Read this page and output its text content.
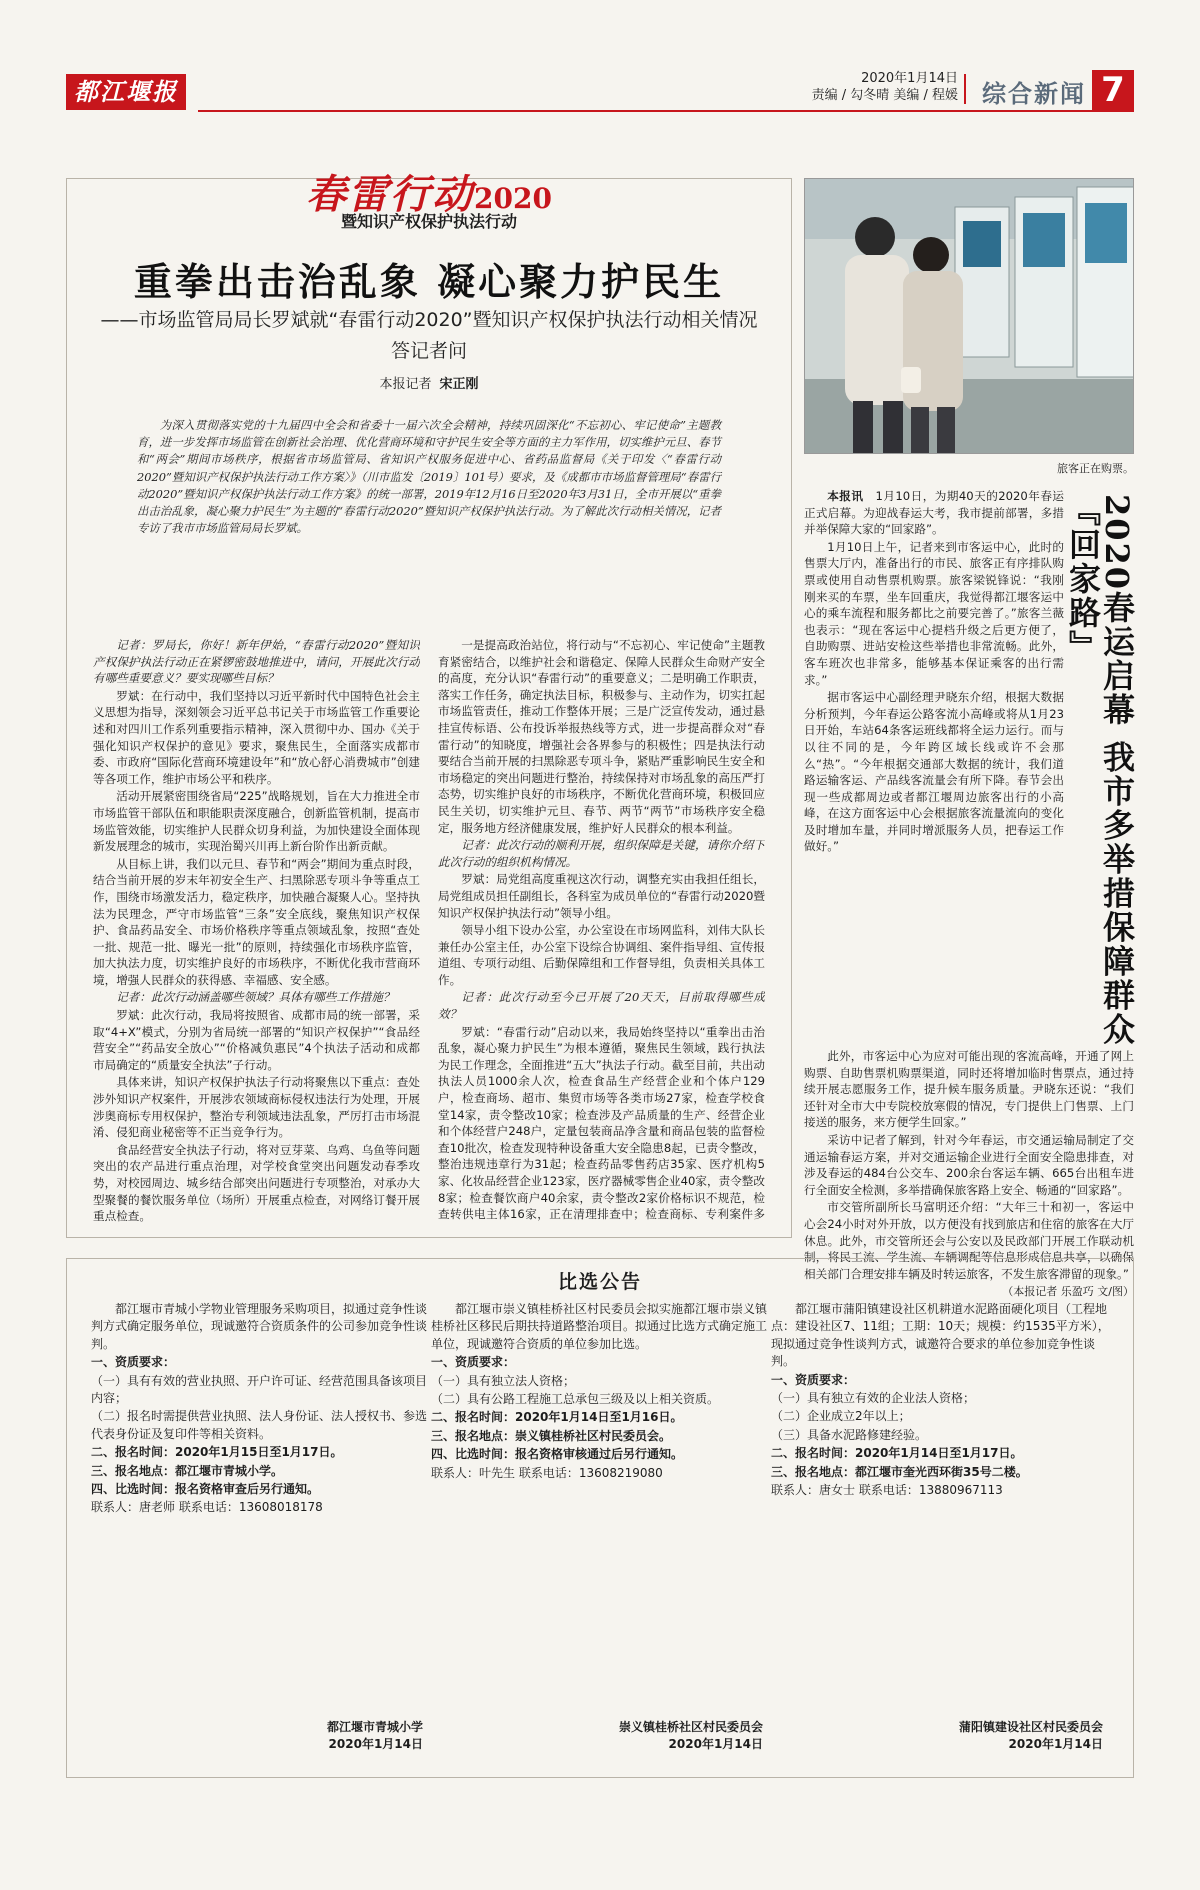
都江堰报	2020年1月14日
责编 / 勾冬晴 美编 / 程媛 综合新闻 7
春雷行动2020
暨知识产权保护执法行动
重拳出击治乱象 凝心聚力护民生
——市场监管局局长罗斌就“春雷行动2020”暨知识产权保护执法行动相关情况答记者问
本报记者 宋正刚
为深入贯彻落实党的十九届四中全会和省委十一届六次全会精神，持续巩固深化“不忘初心、牢记使命”主题教育，进一步发挥市场监管在创新社会治理、优化营商环境和守护民生安全等方面的主力军作用，切实维护元旦、春节和“两会”期间市场秩序，根据省市场监管局、省知识产权服务促进中心、省药品监督局《关于印发〈“春雷行动2020”暨知识产权保护执法行动工作方案〉》（川市监发〔2019〕101号）要求，及《成都市市场监督管理局“春雷行动2020”暨知识产权保护执法行动工作方案》的统一部署，2019年12月16日至2020年3月31日，全市开展以“重拳出击治乱象，凝心聚力护民生”为主题的“春雷行动2020”暨知识产权保护执法行动。为了解此次行动相关情况，记者专访了我市市场监管局局长罗斌。

记者：罗局长，你好！新年伊始，“春雷行动2020”暨知识产权保护执法行动正在紧锣密鼓地推进中，请问，开展此次行动有哪些重要意义？要实现哪些目标？

罗斌：在行动中，我们坚持以习近平新时代中国特色社会主义思想为指导，深刻领会习近平总书记关于市场监管工作重要论述和对四川工作系列重要指示精神，深入贯彻中办、国办《关于强化知识产权保护的意见》要求，聚焦民生，全面落实成都市委、市政府“国际化营商环境建设年”和“放心舒心消费城市”创建等各项工作，维护市场公平和秩序。

活动开展紧密围绕省局“225”战略规划，旨在大力推进全市市场监管干部队伍和职能职责深度融合，创新监管机制，提高市场监管效能，切实维护人民群众切身利益，为加快建设全面体现新发展理念的城市，实现治蜀兴川再上新台阶作出新贡献。

从目标上讲，我们以元旦、春节和“两会”期间为重点时段，结合当前开展的岁末年初安全生产、扫黑除恶专项斗争等重点工作，围绕市场激发活力，稳定秩序，加快融合凝聚人心。坚持执法为民理念，严守市场监管“三条”安全底线，聚焦知识产权保护、食品药品安全、市场价格秩序等重点领域乱象，按照“查处一批、规范一批、曝光一批”的原则，持续强化市场秩序监管，加大执法力度，切实维护良好的市场秩序，不断优化我市营商环境，增强人民群众的获得感、幸福感、安全感。

记者：此次行动涵盖哪些领域？具体有哪些工作措施？

罗斌：此次行动，我局将按照省、成都市局的统一部署，采取“4+X”模式，分别为省局统一部署的“知识产权保护”“食品经营安全”“药品安全放心”“价格减负惠民”4个执法子活动和成都市局确定的“质量安全执法”子行动。

具体来讲，知识产权保护执法子行动将聚焦以下重点：查处涉外知识产权案件，开展涉农领域商标侵权违法行为处理，开展涉奥商标专用权保护，整治专利领域违法乱象，严厉打击市场混淆、侵犯商业秘密等不正当竞争行为。

食品经营安全执法子行动，将对豆芽菜、乌鸡、乌鱼等问题突出的农产品进行重点治理，对学校食堂突出问题发动春季攻势，对校园周边、城乡结合部突出问题进行专项整治，对承办大型聚餐的餐饮服务单位（场所）开展重点检查，对网络订餐开展重点检查。

一是提高政治站位，将行动与“不忘初心、牢记使命”主题教育紧密结合，以维护社会和谐稳定、保障人民群众生命财产安全的高度，充分认识“春雷行动”的重要意义；二是明确工作职责，落实工作任务，确定执法目标，积极参与、主动作为，切实扛起市场监管责任，推动工作整体开展；三是广泛宣传发动，通过悬挂宣传标语、公布投诉举报热线等方式，进一步提高群众对“春雷行动”的知晓度，增强社会各界参与的积极性；四是执法行动要结合当前开展的扫黑除恶专项斗争，紧贴严重影响民生安全和市场稳定的突出问题进行整治，持续保持对市场乱象的高压严打态势，切实维护良好的市场秩序，不断优化营商环境，积极回应民生关切，切实维护元旦、春节、两节“两节”市场秩序安全稳定，服务地方经济健康发展，维护好人民群众的根本利益。

记者：此次行动的顺利开展，组织保障是关键，请你介绍下此次行动的组织机构情况。

罗斌：局党组高度重视这次行动，调整充实由我担任组长，局党组成员担任副组长，各科室为成员单位的“春雷行动2020暨知识产权保护执法行动”领导小组。

领导小组下设办公室，办公室设在市场网监科，刘伟大队长兼任办公室主任，办公室下设综合协调组、案件指导组、宣传报道组、专项行动组、后勤保障组和工作督导组，负责相关具体工作。

记者：此次行动至今已开展了20天天，目前取得哪些成效？

罗斌：“春雷行动”启动以来，我局始终坚持以“重拳出击治乱象，凝心聚力护民生”为根本遵循，聚焦民生领域，践行执法为民工作理念，全面推进“五大”执法子行动。截至目前，共出动执法人员1000余人次，检查食品生产经营企业和个体户129户，检查商场、超市、集贸市场等各类市场27家，检查学校食堂14家，责令整改10家；检查涉及产品质量的生产、经营企业和个体经营户248户，定量包装商品净含量和商品包装的监督检查10批次，检查发现特种设备重大安全隐患8起，已责令整改，整治违规违章行为31起；检查药品零售药店35家、医疗机构5家、化妆品经营企业123家，医疗器械零售企业40家，责令整改8家；检查餐饮商户40余家，责令整改2家价格标识不规范，检查转供电主体16家，正在清理排查中；检查商标、专利案件多

旅客正在购票。

本报讯　 1月10日，为期40天的2020年春运正式启幕。为迎战春运大考，我市提前部署，多措并举保障大家的“回家路”。

1月10日上午，记者来到市客运中心，此时的售票大厅内，准备出行的市民、旅客正有序排队购票或使用自动售票机购票。旅客梁锐锋说：“我刚刚来买的车票，坐车回重庆，我觉得都江堰客运中心的乘车流程和服务都比之前要完善了。”旅客兰薇也表示：“现在客运中心提档升级之后更方便了，自助购票、进站安检这些举措也非常流畅。此外，客车班次也非常多，能够基本保证乘客的出行需求。”

据市客运中心副经理尹晓东介绍，根据大数据分析预判，今年春运公路客流小高峰或将从1月23日开始，车站64条客运班线都将全运力运行。而与以往不同的是，今年跨区域长线或许不会那么“热”。“今年根据交通部大数据的统计，我们道路运输客运、产品线客流量会有所下降。春节会出现一些成都周边或者都江堰周边旅客出行的小高峰，在这方面客运中心会根据旅客流量流向的变化及时增加车量，并同时增派服务人员，把春运工作做好。”	2020春运启幕 我市多举措保障群众『回家路』

此外，市客运中心为应对可能出现的客流高峰，开通了网上购票、自助售票机购票渠道，同时还将增加临时售票点，通过持续开展志愿服务工作，提升候车服务质量。尹晓东还说：“我们还针对全市大中专院校放寒假的情况，专门提供上门售票、上门接送的服务，来方便学生回家。”

采访中记者了解到，针对今年春运，市交通运输局制定了交通运输春运方案，并对交通运输企业进行全面安全隐患排查，对涉及春运的484台公交车、200余台客运车辆、665台出租车进行全面安全检测，多举措确保旅客路上安全、畅通的“回家路”。

市交管所副所长马富明还介绍：“大年三十和初一，客运中心会24小时对外开放，以方便没有找到旅店和住宿的旅客在大厅休息。此外，市交管所还会与公安以及民政部门开展工作联动机制，将民工流、学生流、车辆调配等信息形成信息共享，以确保相关部门合理安排车辆及时转运旅客，不发生旅客滞留的现象。”

（本报记者 乐盈巧 文/图）
比选公告

都江堰市青城小学物业管理服务采购项目，拟通过竞争性谈判方式确定服务单位，现诚邀符合资质条件的公司参加竞争性谈判。

一、资质要求：

（一）具有有效的营业执照、开户许可证、经营范围具备该项目内容；

（二）报名时需提供营业执照、法人身份证、法人授权书、参选代表身份证及复印件等相关资料。

二、报名时间：2020年1月15日至1月17日。

三、报名地点：都江堰市青城小学。

四、比选时间：报名资格审查后另行通知。

联系人：唐老师 联系电话：13608018178

都江堰市青城小学
2020年1月14日

都江堰市崇义镇桂桥社区村民委员会拟实施都江堰市崇义镇桂桥社区移民后期扶持道路整治项目。拟通过比选方式确定施工单位，现诚邀符合资质的单位参加比选。

一、资质要求：

（一）具有独立法人资格；

（二）具有公路工程施工总承包三级及以上相关资质。

二、报名时间：2020年1月14日至1月16日。

三、报名地点：崇义镇桂桥社区村民委员会。

四、比选时间：报名资格审核通过后另行通知。

联系人：叶先生 联系电话：13608219080

崇义镇桂桥社区村民委员会
2020年1月14日

都江堰市蒲阳镇建设社区机耕道水泥路面硬化项目（工程地点：建设社区7、11组；工期：10天；规模：约1535平方米），现拟通过竞争性谈判方式，诚邀符合要求的单位参加竞争性谈判。

一、资质要求：

（一）具有独立有效的企业法人资格；

（二）企业成立2年以上；

（三）具备水泥路修建经验。

二、报名时间：2020年1月14日至1月17日。

三、报名地点：都江堰市奎光西环街35号二楼。

联系人：唐女士 联系电话：13880967113

蒲阳镇建设社区村民委员会
2020年1月14日
